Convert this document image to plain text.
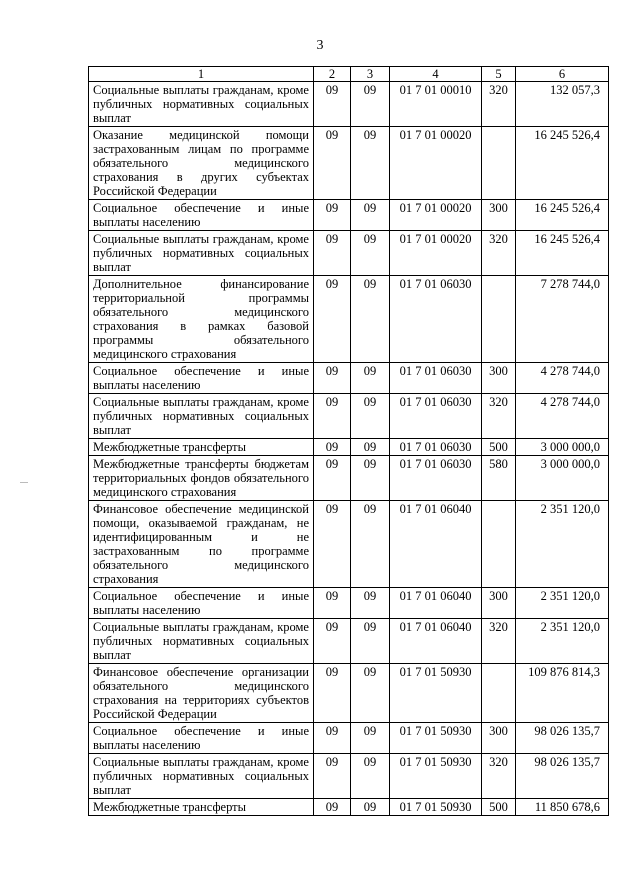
3
1	2	3	4	5	6
Социальные выплаты гражданам, кроме публичных нормативных социальных выплат	09	09	01 7 01 00010	320	132 057,3
Оказание медицинской помощи застрахованным лицам по программе обязательного медицинского страхования в других субъектах Российской Федерации	09	09	01 7 01 00020		16 245 526,4
Социальное обеспечение и иные выплаты населению	09	09	01 7 01 00020	300	16 245 526,4
Социальные выплаты гражданам, кроме публичных нормативных социальных выплат	09	09	01 7 01 00020	320	16 245 526,4
Дополнительное финансирование территориальной программы обязательного медицинского страхования в рамках базовой программы обязательного медицинского страхования	09	09	01 7 01 06030		7 278 744,0
Социальное обеспечение и иные выплаты населению	09	09	01 7 01 06030	300	4 278 744,0
Социальные выплаты гражданам, кроме публичных нормативных социальных выплат	09	09	01 7 01 06030	320	4 278 744,0
Межбюджетные трансферты	09	09	01 7 01 06030	500	3 000 000,0
Межбюджетные трансферты бюджетам территориальных фондов обязательного медицинского страхования	09	09	01 7 01 06030	580	3 000 000,0
Финансовое обеспечение медицинской помощи, оказываемой гражданам, не идентифицированным и не застрахованным по программе обязательного медицинского страхования	09	09	01 7 01 06040		2 351 120,0
Социальное обеспечение и иные выплаты населению	09	09	01 7 01 06040	300	2 351 120,0
Социальные выплаты гражданам, кроме публичных нормативных социальных выплат	09	09	01 7 01 06040	320	2 351 120,0
Финансовое обеспечение организации обязательного медицинского страхования на территориях субъектов Российской Федерации	09	09	01 7 01 50930		109 876 814,3
Социальное обеспечение и иные выплаты населению	09	09	01 7 01 50930	300	98 026 135,7
Социальные выплаты гражданам, кроме публичных нормативных социальных выплат	09	09	01 7 01 50930	320	98 026 135,7
Межбюджетные трансферты	09	09	01 7 01 50930	500	11 850 678,6
